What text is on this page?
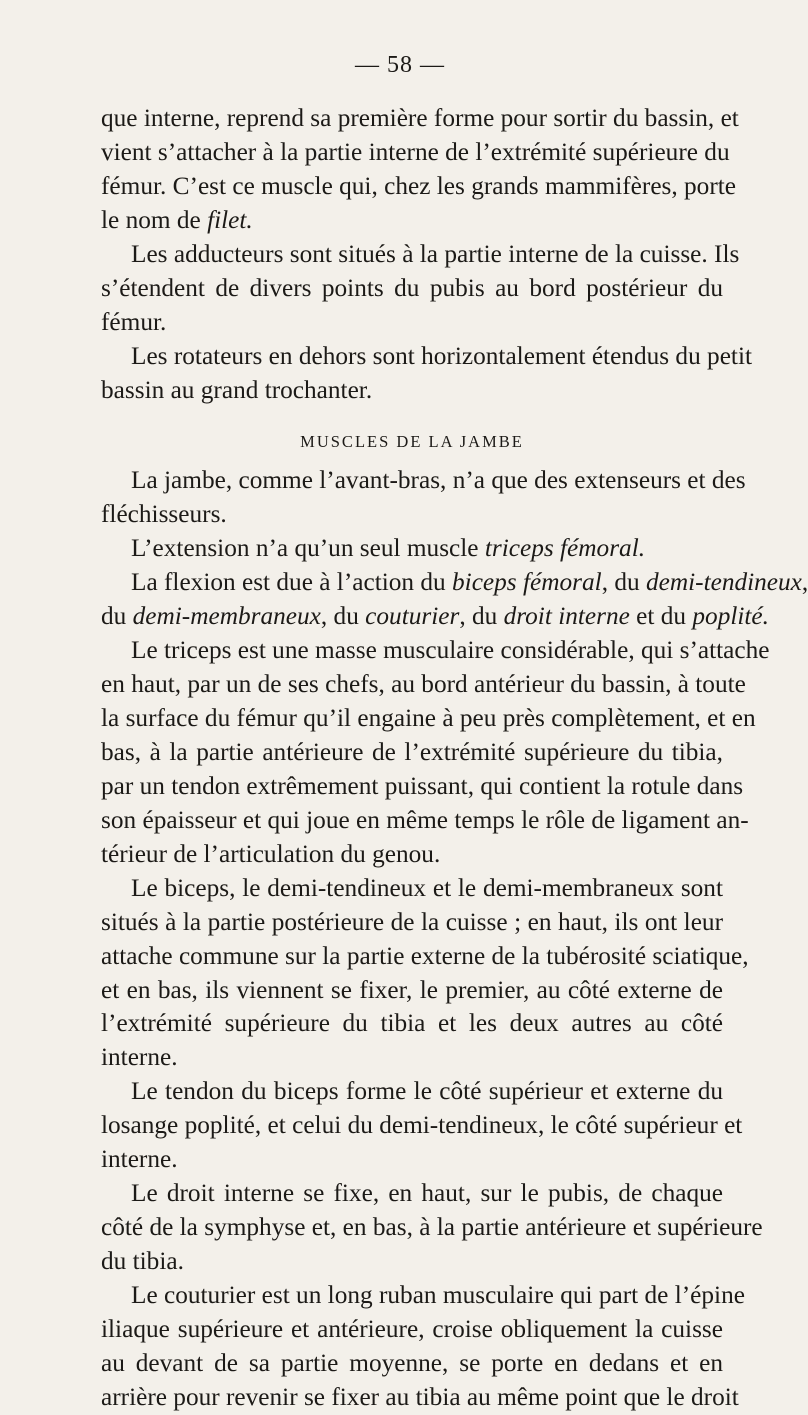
— 58 —
que interne, reprend sa première forme pour sortir du bassin, et
vient s’attacher à la partie interne de l’extrémité supérieure du
fémur. C’est ce muscle qui, chez les grands mammifères, porte
le nom de filet.
Les adducteurs sont situés à la partie interne de la cuisse. Ils
s’étendent de divers points du pubis au bord postérieur du
fémur.
Les rotateurs en dehors sont horizontalement étendus du petit
bassin au grand trochanter.
MUSCLES DE LA JAMBE
La jambe, comme l’avant-bras, n’a que des extenseurs et des
fléchisseurs.
L’extension n’a qu’un seul muscle triceps fémoral.
La flexion est due à l’action du biceps fémoral, du demi-tendineux,
du demi-membraneux, du couturier, du droit interne et du poplité.
Le triceps est une masse musculaire considérable, qui s’attache
en haut, par un de ses chefs, au bord antérieur du bassin, à toute
la surface du fémur qu’il engaine à peu près complètement, et en
bas, à la partie antérieure de l’extrémité supérieure du tibia,
par un tendon extrêmement puissant, qui contient la rotule dans
son épaisseur et qui joue en même temps le rôle de ligament an-
térieur de l’articulation du genou.
Le biceps, le demi-tendineux et le demi-membraneux sont
situés à la partie postérieure de la cuisse ; en haut, ils ont leur
attache commune sur la partie externe de la tubérosité sciatique,
et en bas, ils viennent se fixer, le premier, au côté externe de
l’extrémité supérieure du tibia et les deux autres au côté
interne.
Le tendon du biceps forme le côté supérieur et externe du
losange poplité, et celui du demi-tendineux, le côté supérieur et
interne.
Le droit interne se fixe, en haut, sur le pubis, de chaque
côté de la symphyse et, en bas, à la partie antérieure et supérieure
du tibia.
Le couturier est un long ruban musculaire qui part de l’épine
iliaque supérieure et antérieure, croise obliquement la cuisse
au devant de sa partie moyenne, se porte en dedans et en
arrière pour revenir se fixer au tibia au même point que le droit
